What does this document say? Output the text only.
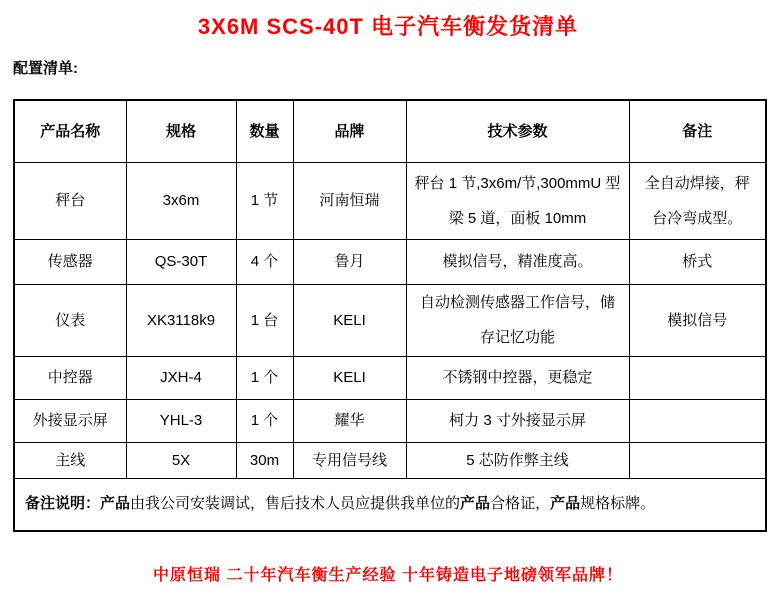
3X6M SCS-40T 电子汽车衡发货清单
配置清单:
产品名称	规格	数量	品牌	技术参数	备注
秤台	3x6m	1 节	河南恒瑞	秤台 1 节,3x6m/节,300mmU 型梁 5 道，面板 10mm	全自动焊接，秤台冷弯成型。
传感器	QS-30T	4 个	鲁月	模拟信号，精准度高。	桥式
仪表	XK3118k9	1 台	KELI	自动检测传感器工作信号，储存记忆功能	模拟信号
中控器	JXH-4	1 个	KELI	不锈钢中控器，更稳定	
外接显示屏	YHL-3	1 个	耀华	柯力 3 寸外接显示屏	
主线	5X	30m	专用信号线	5 芯防作弊主线	
备注说明：产品由我公司安装调试，售后技术人员应提供我单位的产品合格证，产品规格标牌。					
中原恒瑞 二十年汽车衡生产经验 十年铸造电子地磅领军品牌！
